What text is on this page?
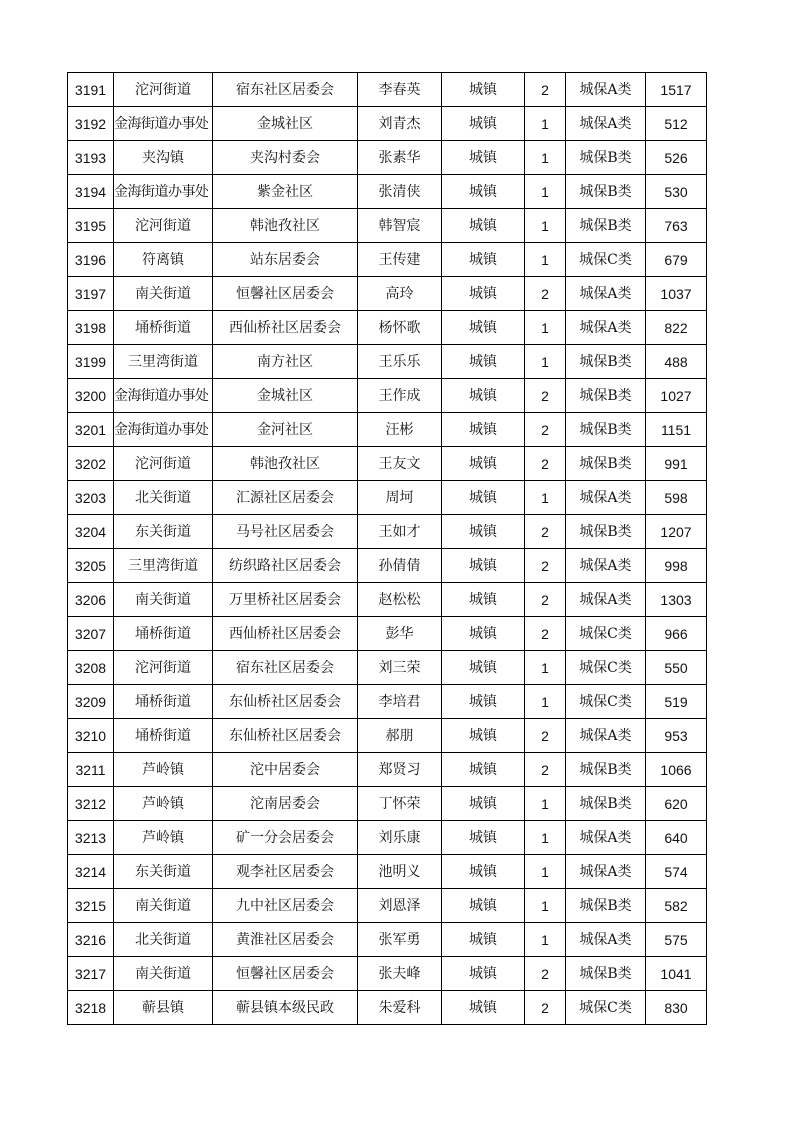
3191	沱河街道	宿东社区居委会	李春英	城镇	2	城保A类	1517
3192	金海街道办事处	金城社区	刘青杰	城镇	1	城保A类	512
3193	夹沟镇	夹沟村委会	张素华	城镇	1	城保B类	526
3194	金海街道办事处	紫金社区	张清侠	城镇	1	城保B类	530
3195	沱河街道	韩池孜社区	韩智宸	城镇	1	城保B类	763
3196	符离镇	站东居委会	王传建	城镇	1	城保C类	679
3197	南关街道	恒馨社区居委会	高玲	城镇	2	城保A类	1037
3198	埇桥街道	西仙桥社区居委会	杨怀歌	城镇	1	城保A类	822
3199	三里湾街道	南方社区	王乐乐	城镇	1	城保B类	488
3200	金海街道办事处	金城社区	王作成	城镇	2	城保B类	1027
3201	金海街道办事处	金河社区	汪彬	城镇	2	城保B类	1151
3202	沱河街道	韩池孜社区	王友文	城镇	2	城保B类	991
3203	北关街道	汇源社区居委会	周坷	城镇	1	城保A类	598
3204	东关街道	马号社区居委会	王如才	城镇	2	城保B类	1207
3205	三里湾街道	纺织路社区居委会	孙倩倩	城镇	2	城保A类	998
3206	南关街道	万里桥社区居委会	赵松松	城镇	2	城保A类	1303
3207	埇桥街道	西仙桥社区居委会	彭华	城镇	2	城保C类	966
3208	沱河街道	宿东社区居委会	刘三荣	城镇	1	城保C类	550
3209	埇桥街道	东仙桥社区居委会	李培君	城镇	1	城保C类	519
3210	埇桥街道	东仙桥社区居委会	郝朋	城镇	2	城保A类	953
3211	芦岭镇	沱中居委会	郑贤习	城镇	2	城保B类	1066
3212	芦岭镇	沱南居委会	丁怀荣	城镇	1	城保B类	620
3213	芦岭镇	矿一分会居委会	刘乐康	城镇	1	城保A类	640
3214	东关街道	观李社区居委会	池明义	城镇	1	城保A类	574
3215	南关街道	九中社区居委会	刘恩泽	城镇	1	城保B类	582
3216	北关街道	黄淮社区居委会	张军勇	城镇	1	城保A类	575
3217	南关街道	恒馨社区居委会	张夫峰	城镇	2	城保B类	1041
3218	蕲县镇	蕲县镇本级民政	朱爱科	城镇	2	城保C类	830
